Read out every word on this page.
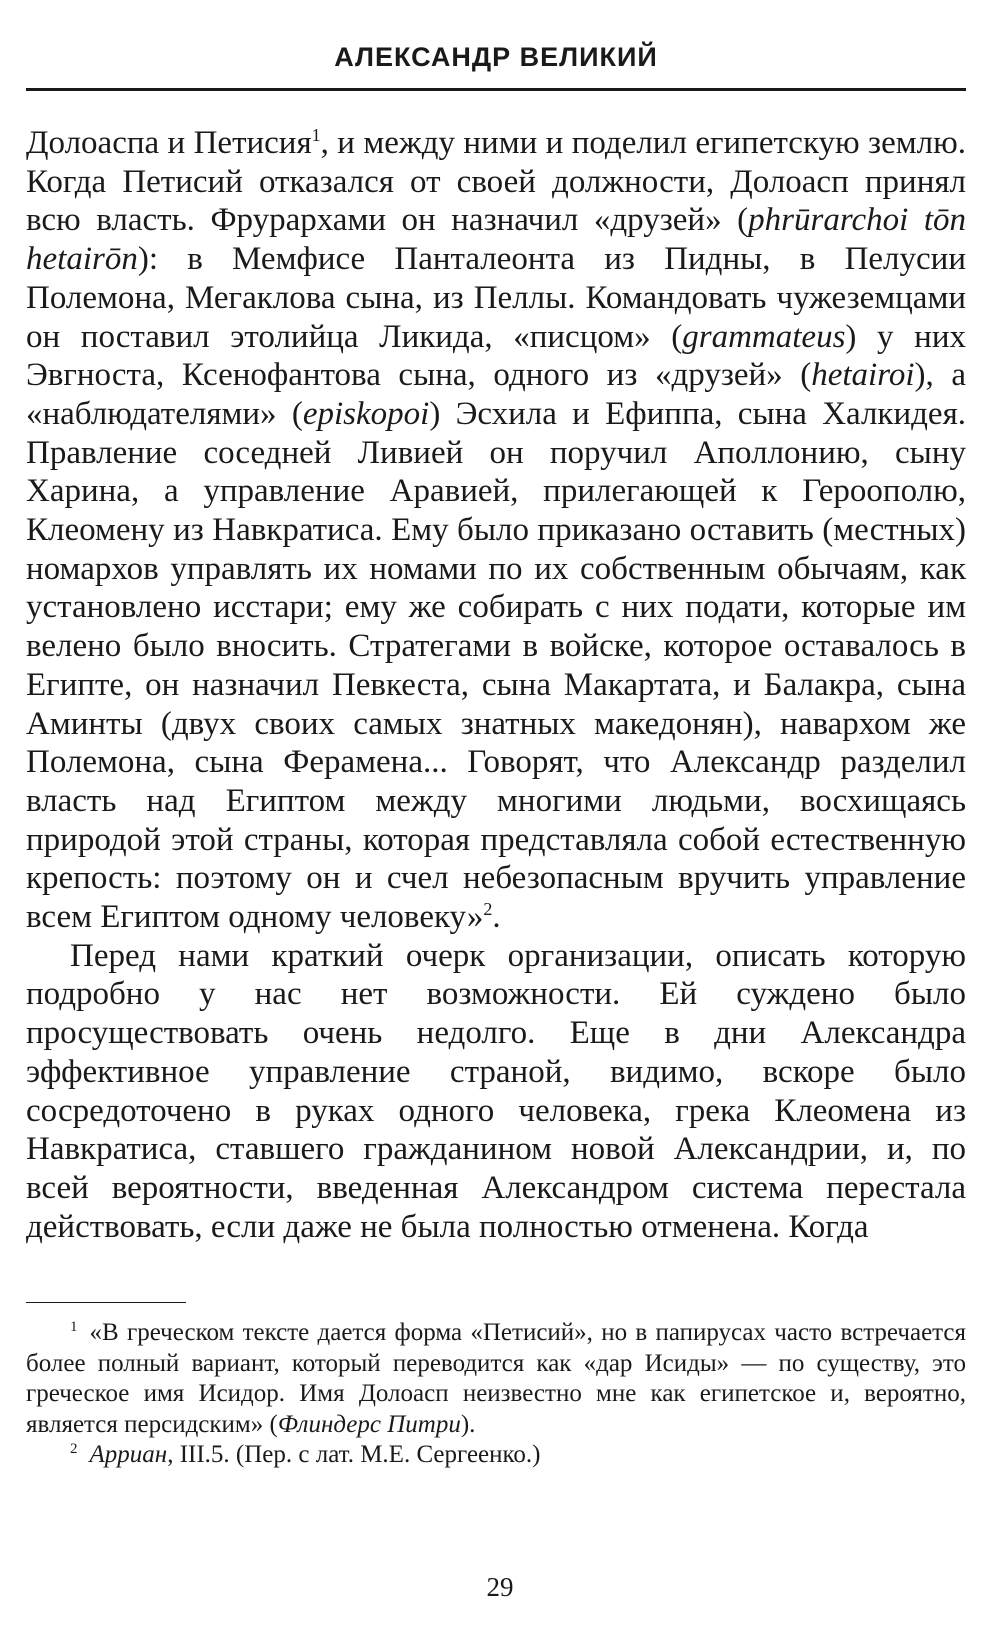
АЛЕКСАНДР ВЕЛИКИЙ

Долоаспа и Петисия$^1$, и между ними и поделил египетскую землю. Когда Петисий отказался от своей должности, Долоасп принял всю власть. Фрурархами он назначил «друзей» (phrūrarchoi tōn hetairōn): в Мемфисе Панталеонта из Пидны, в Пелусии Полемона, Мегаклова сына, из Пеллы. Командовать чужеземцами он поставил этолийца Ликида, «писцом» (grammateus) у них Эвгноста, Ксенофантова сына, одного из «друзей» (hetairoi), а «наблюдателями» (episkopoi) Эсхила и Ефиппа, сына Халкидея. Правление соседней Ливией он поручил Аполлонию, сыну Харина, а управление Аравией, прилегающей к Героополю, Клеомену из Навкратиса. Ему было приказано оставить (местных) номархов управлять их номами по их собственным обычаям, как установлено исстари; ему же собирать с них подати, которые им велено было вносить. Стратегами в войске, которое оставалось в Египте, он назначил Певкеста, сына Макартата, и Балакра, сына Аминты (двух своих самых знатных македонян), навархом же Полемона, сына Ферамена... Говорят, что Александр разделил власть над Египтом между многими людьми, восхищаясь природой этой страны, которая представляла собой естественную крепость: поэтому он и счел небезопасным вручить управление всем Египтом одному человеку»$^2$.

Перед нами краткий очерк организации, описать которую подробно у нас нет возможности. Ей суждено было просуществовать очень недолго. Еще в дни Александра эффективное управление страной, видимо, вскоре было сосредоточено в руках одного человека, грека Клеомена из Навкратиса, ставшего гражданином новой Александрии, и, по всей вероятности, введенная Александром система перестала действовать, если даже не была полностью отменена. Когда

$^1$ «В греческом тексте дается форма «Петисий», но в папирусах часто встречается более полный вариант, который переводится как «дар Исиды» — по существу, это греческое имя Исидор. Имя Долоасп неизвестно мне как египетское и, вероятно, является персидским» (Флиндерс Питри).

$^2$ Арриан, III.5. (Пер. с лат. М.Е. Сергеенко.)

29
